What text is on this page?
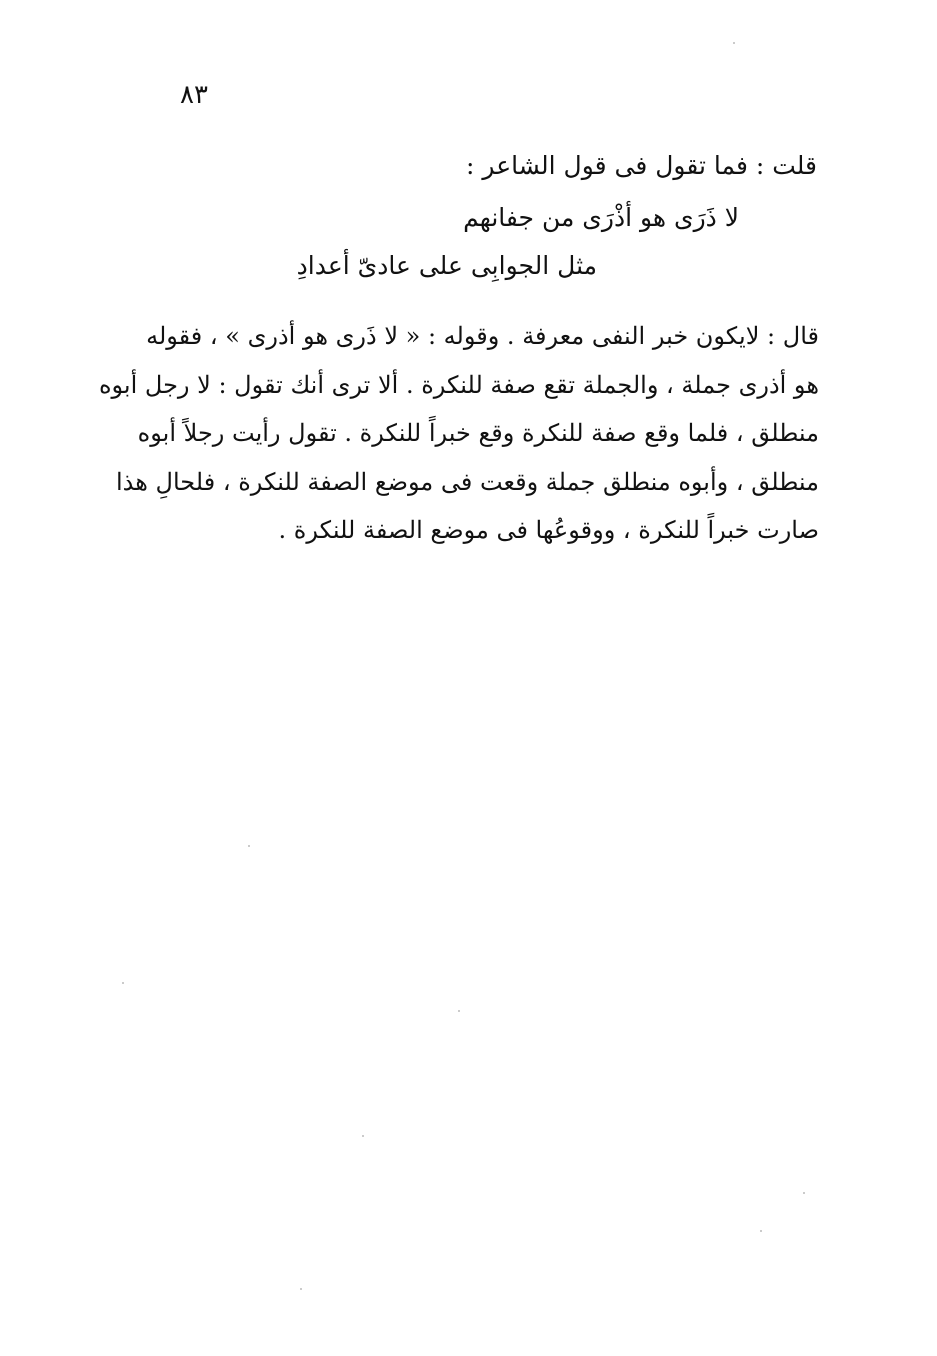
٨٣
قلت : فما تقول فى قول الشاعر :
لا ذَرَى هو أذْرَى من جفانهم
مثل الجوابِى على عادىّ أعدادِ
قال : لايكون خبر النفى معرفة . وقوله : « لا ذَرى هو أذرى » ، فقوله
هو أذرى جملة ، والجملة تقع صفة للنكرة . ألا ترى أنك تقول : لا رجل أبوه
منطلق ، فلما وقع صفة للنكرة وقع خبراً للنكرة . تقول رأيت رجلاً أبوه
منطلق ، وأبوه منطلق جملة وقعت فى موضع الصفة للنكرة ، فلحالِ هذا
صارت خبراً للنكرة ، ووقوعُها فى موضع الصفة للنكرة .
